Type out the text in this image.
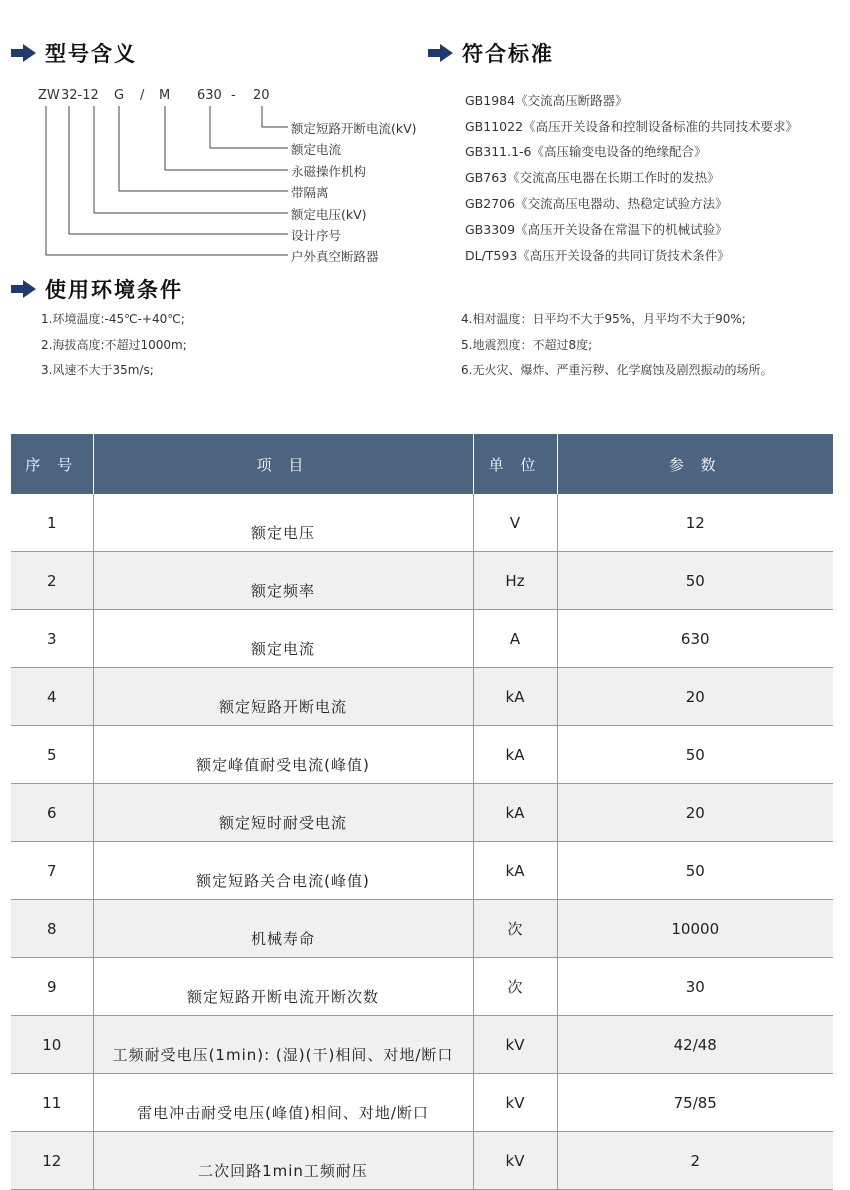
型号含义
ZW 32-12 G / M 630 - 20
额定短路开断电流(kV)
额定电流
永磁操作机构
带隔离
额定电压(kV)
设计序号
户外真空断路器
符合标准
GB1984《交流高压断路器》
GB11022《高压开关设备和控制设备标准的共同技术要求》
GB311.1-6《高压输变电设备的绝缘配合》
GB763《交流高压电器在长期工作时的发热》
GB2706《交流高压电器动、热稳定试验方法》
GB3309《高压开关设备在常温下的机械试验》
DL/T593《高压开关设备的共同订货技术条件》
使用环境条件
1.环境温度:-45℃-+40℃;
2.海拔高度:不超过1000m;
3.风速不大于35m/s;
4.相对温度：日平均不大于95%，月平均不大于90%;
5.地震烈度：不超过8度;
6.无火灾、爆炸、严重污秽、化学腐蚀及剧烈振动的场所。
序 号	项 目	单 位	参 数
1	额定电压	V	12
2	额定频率	Hz	50
3	额定电流	A	630
4	额定短路开断电流	kA	20
5	额定峰值耐受电流(峰值)	kA	50
6	额定短时耐受电流	kA	20
7	额定短路关合电流(峰值)	kA	50
8	机械寿命	次	10000
9	额定短路开断电流开断次数	次	30
10	工频耐受电压(1min): (湿)(干)相间、对地/断口	kV	42/48
11	雷电冲击耐受电压(峰值)相间、对地/断口	kV	75/85
12	二次回路1min工频耐压	kV	2
